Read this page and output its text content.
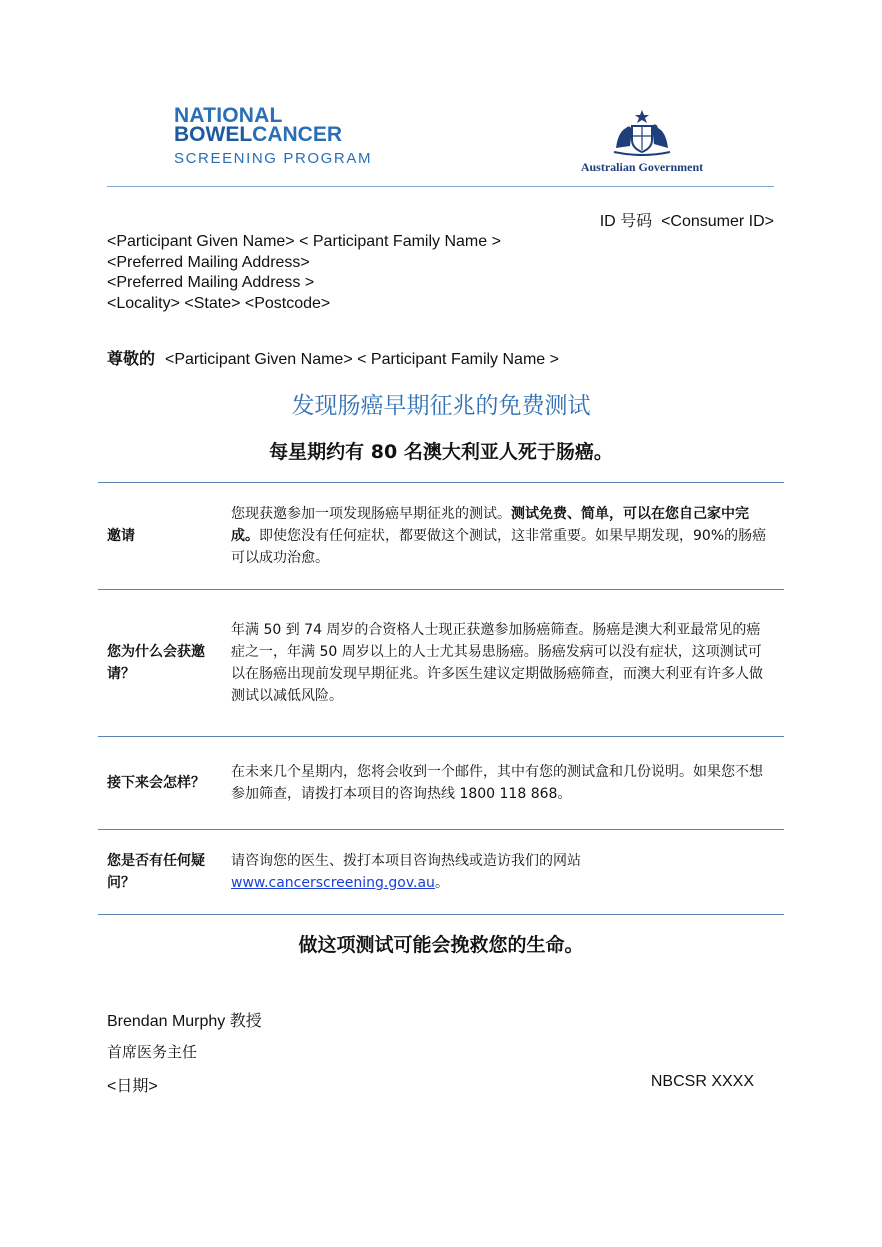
NATIONAL
BOWELCANCER
SCREENING PROGRAM	Australian Government
ID 号码 <Consumer ID>
<Participant Given Name> < Participant Family Name >
<Preferred Mailing Address>
<Preferred Mailing Address >
<Locality> <State> <Postcode>
尊敬的 <Participant Given Name> < Participant Family Name >
发现肠癌早期征兆的免费测试
每星期约有 80 名澳大利亚人死于肠癌。
邀请
您现获邀参加一项发现肠癌早期征兆的测试。测试免费、简单，可以在您自己家中完成。即使您没有任何症状，都要做这个测试，这非常重要。如果早期发现，90%的肠癌可以成功治愈。
您为什么会获邀请？
年满 50 到 74 周岁的合资格人士现正获邀参加肠癌筛查。肠癌是澳大利亚最常见的癌症之一，年满 50 周岁以上的人士尤其易患肠癌。肠癌发病可以没有症状，这项测试可以在肠癌出现前发现早期征兆。许多医生建议定期做肠癌筛查，而澳大利亚有许多人做测试以减低风险。
接下来会怎样？
在未来几个星期内，您将会收到一个邮件，其中有您的测试盒和几份说明。如果您不想参加筛查，请拨打本项目的咨询热线 1800 118 868。
您是否有任何疑问？
请咨询您的医生、拨打本项目咨询热线或造访我们的网站
www.cancerscreening.gov.au。
做这项测试可能会挽救您的生命。
Brendan Murphy 教授
首席医务主任
<日期>	NBCSR XXXX
